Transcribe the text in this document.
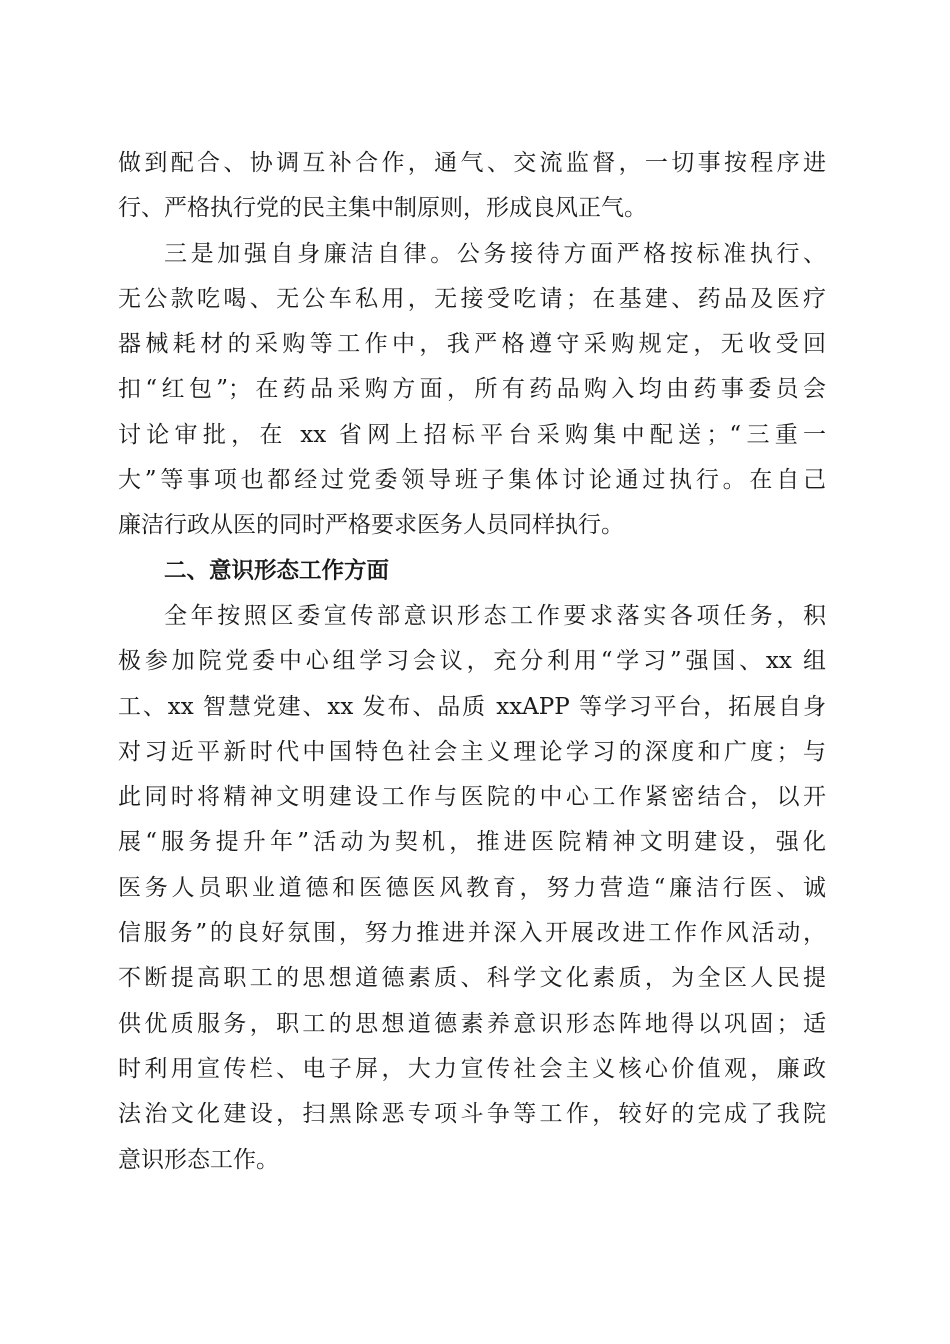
做到配合、协调互补合作，通气、交流监督，一切事按程序进
行、严格执行党的民主集中制原则，形成良风正气。
三是加强自身廉洁自律。公务接待方面严格按标准执行、
无公款吃喝、无公车私用，无接受吃请；在基建、药品及医疗
器械耗材的采购等工作中，我严格遵守采购规定，无收受回
扣“红包”；在药品采购方面，所有药品购入均由药事委员会
讨论审批，在 xx 省网上招标平台采购集中配送；“三重一
大”等事项也都经过党委领导班子集体讨论通过执行。在自己
廉洁行政从医的同时严格要求医务人员同样执行。
二、意识形态工作方面
全年按照区委宣传部意识形态工作要求落实各项任务，积
极参加院党委中心组学习会议，充分利用“学习”强国、xx 组
工、xx 智慧党建、xx 发布、品质 xxAPP 等学习平台，拓展自身
对习近平新时代中国特色社会主义理论学习的深度和广度；与
此同时将精神文明建设工作与医院的中心工作紧密结合，以开
展“服务提升年”活动为契机，推进医院精神文明建设，强化
医务人员职业道德和医德医风教育，努力营造“廉洁行医、诚
信服务”的良好氛围，努力推进并深入开展改进工作作风活动，
不断提高职工的思想道德素质、科学文化素质，为全区人民提
供优质服务，职工的思想道德素养意识形态阵地得以巩固；适
时利用宣传栏、电子屏，大力宣传社会主义核心价值观，廉政
法治文化建设，扫黑除恶专项斗争等工作，较好的完成了我院
意识形态工作。
